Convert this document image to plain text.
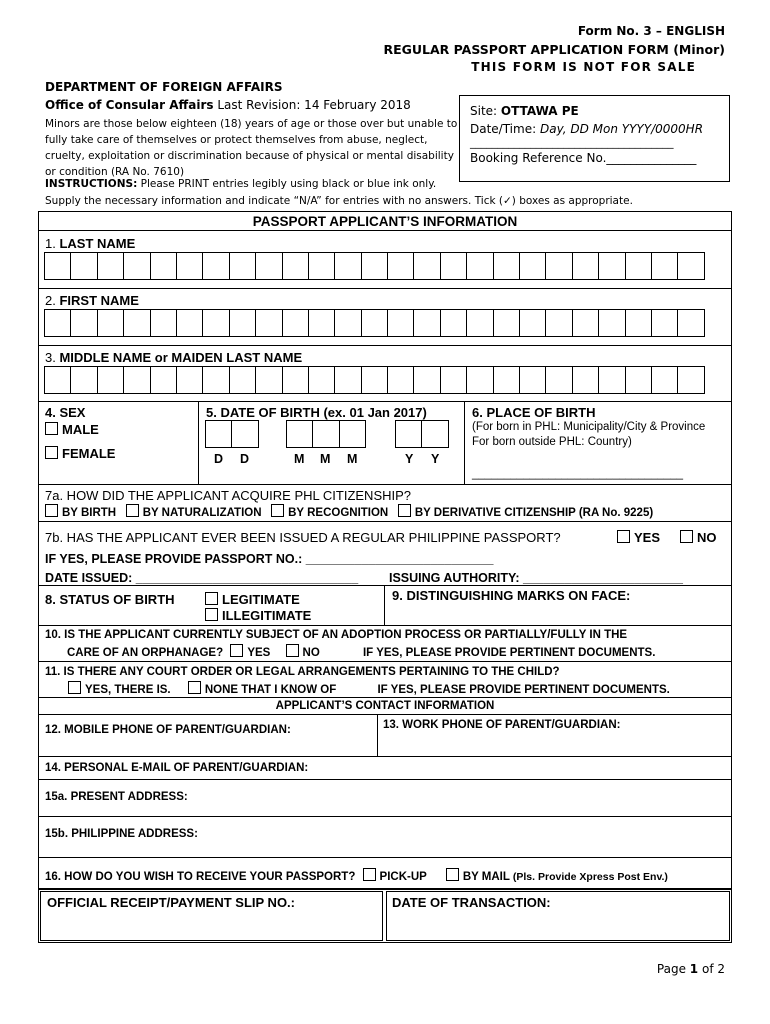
Form No. 3 – ENGLISH
REGULAR PASSPORT APPLICATION FORM (Minor)
THIS FORM IS NOT FOR SALE
DEPARTMENT OF FOREIGN AFFAIRS
Office of Consular Affairs Last Revision: 14 February 2018
Minors are those below eighteen (18) years of age or those over but unable to
fully take care of themselves or protect themselves from abuse, neglect,
cruelty, exploitation or discrimination because of physical or mental disability
or condition (RA No. 7610)
INSTRUCTIONS: Please PRINT entries legibly using black or blue ink only.
Supply the necessary information and indicate “N/A” for entries with no answers. Tick (✓) boxes as appropriate.
Site: OTTAWA PE
Date/Time: Day, DD Mon YYYY/0000HR
_____________________________________
Booking Reference No._______________
PASSPORT APPLICANT’S INFORMATION
1. LAST NAME
2. FIRST NAME
3. MIDDLE NAME or MAIDEN LAST NAME
4. SEX
MALE
FEMALE
5. DATE OF BIRTH (ex. 01 Jan 2017)
D D	M M M	Y Y
6. PLACE OF BIRTH
(For born in PHL: Municipality/City & Province
For born outside PHL: Country)
_________________________________
7a. HOW DID THE APPLICANT ACQUIRE PHL CITIZENSHIP?
BY BIRTH BY NATURALIZATION BY RECOGNITION BY DERIVATIVE CITIZENSHIP (RA No. 9225)
7b. HAS THE APPLICANT EVER BEEN ISSUED A REGULAR PHILIPPINE PASSPORT?	YES	NO
IF YES, PLEASE PROVIDE PASSPORT NO.: ___________________________
DATE ISSUED: ________________________________ ISSUING AUTHORITY: _______________________
8. STATUS OF BIRTH	LEGITIMATE
ILLEGITIMATE
9. DISTINGUISHING MARKS ON FACE:
10. IS THE APPLICANT CURRENTLY SUBJECT OF AN ADOPTION PROCESS OR PARTIALLY/FULLY IN THE
CARE OF AN ORPHANAGE? YES	NO	IF YES, PLEASE PROVIDE PERTINENT DOCUMENTS.
11. IS THERE ANY COURT ORDER OR LEGAL ARRANGEMENTS PERTAINING TO THE CHILD?
YES, THERE IS.	NONE THAT I KNOW OF	IF YES, PLEASE PROVIDE PERTINENT DOCUMENTS.
APPLICANT’S CONTACT INFORMATION
12. MOBILE PHONE OF PARENT/GUARDIAN:	13. WORK PHONE OF PARENT/GUARDIAN:
14. PERSONAL E-MAIL OF PARENT/GUARDIAN:
15a. PRESENT ADDRESS:
15b. PHILIPPINE ADDRESS:
16. HOW DO YOU WISH TO RECEIVE YOUR PASSPORT? PICK-UP	BY MAIL (Pls. Provide Xpress Post Env.)
OFFICIAL RECEIPT/PAYMENT SLIP NO.:	DATE OF TRANSACTION:
Page 1 of 2
